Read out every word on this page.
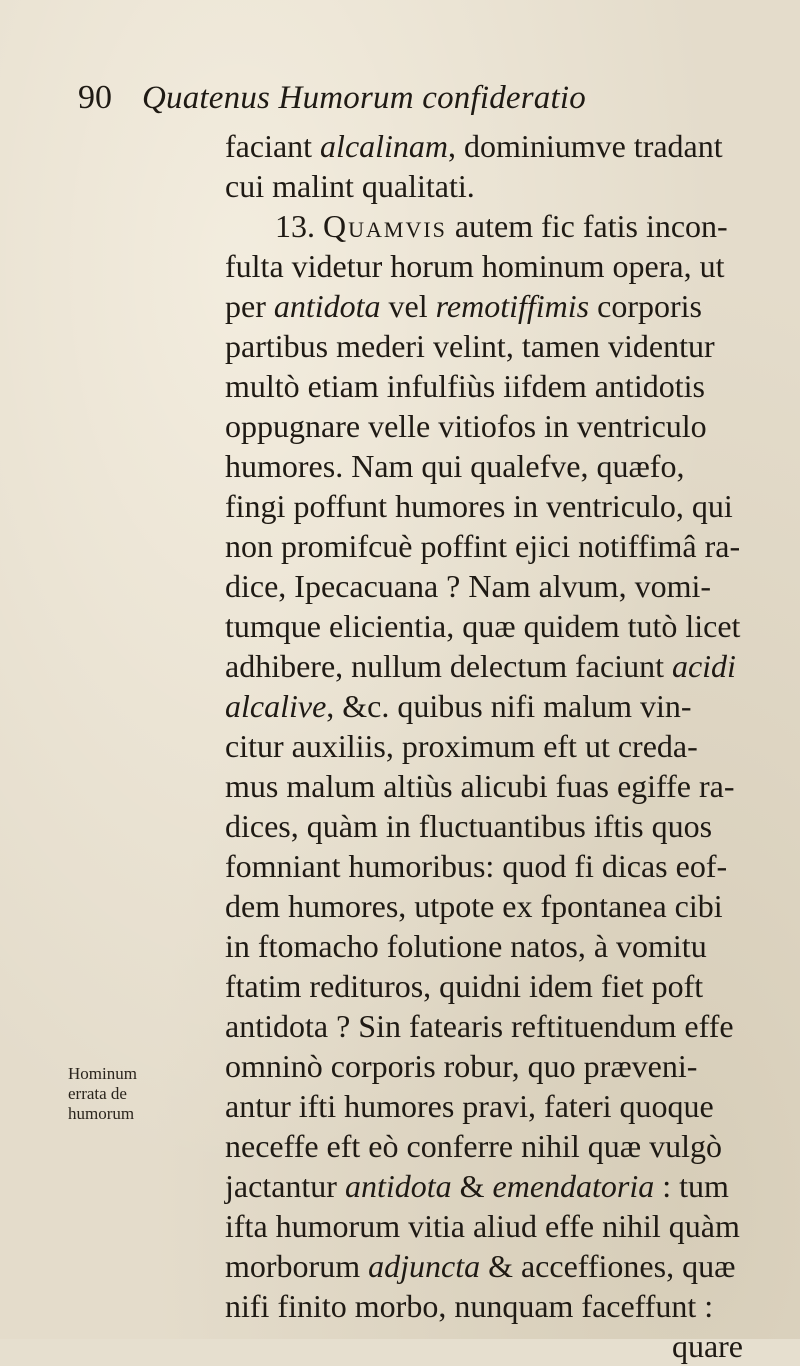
90 Quatenus Humorum confideratio
faciant alcalinam, dominiumve tradant
cui malint qualitati.
13. Quamvis autem fic fatis incon-
fulta videtur horum hominum opera, ut
per antidota vel remotiffimis corporis
partibus mederi velint, tamen videntur
multò etiam infulfiùs iifdem antidotis
oppugnare velle vitiofos in ventriculo
humores. Nam qui qualefve, quæfo,
fingi poffunt humores in ventriculo, qui
non promifcuè poffint ejici notiffimâ ra-
dice, Ipecacuana ? Nam alvum, vomi-
tumque elicientia, quæ quidem tutò licet
adhibere, nullum delectum faciunt acidi
alcalive, &c. quibus nifi malum vin-
citur auxiliis, proximum eft ut creda-
mus malum altiùs alicubi fuas egiffe ra-
dices, quàm in fluctuantibus iftis quos
fomniant humoribus: quod fi dicas eof-
dem humores, utpote ex fpontanea cibi
in ftomacho folutione natos, à vomitu
ftatim redituros, quidni idem fiet poft
antidota ? Sin fatearis reftituendum effe
omninò corporis robur, quo præveni-
antur ifti humores pravi, fateri quoque
neceffe eft eò conferre nihil quæ vulgò
jactantur antidota & emendatoria : tum
ifta humorum vitia aliud effe nihil quàm
morborum adjuncta & acceffiones, quæ
nifi finito morbo, nunquam faceffunt :
quare
Hominum
errata de
humorum
